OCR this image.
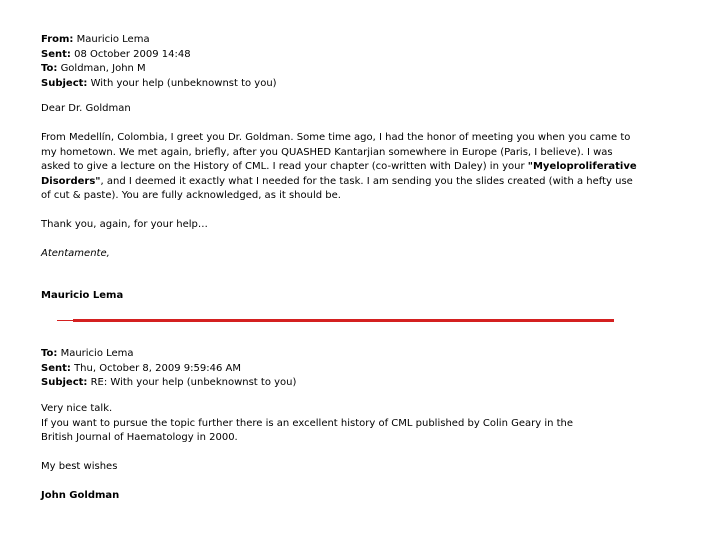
From: Mauricio Lema
Sent: 08 October 2009 14:48
To: Goldman, John M
Subject: With your help (unbeknownst to you)
Dear Dr. Goldman
From Medellín, Colombia, I greet you Dr. Goldman. Some time ago, I had the honor of meeting you when you came to my hometown. We met again, briefly, after you QUASHED Kantarjian somewhere in Europe (Paris, I believe). I was asked to give a lecture on the History of CML. I read your chapter (co-written with Daley) in your "Myeloproliferative Disorders", and I deemed it exactly what I needed for the task. I am sending you the slides created (with a hefty use of cut & paste). You are fully acknowledged, as it should be.
Thank you, again, for your help…
Atentamente,
Mauricio Lema
To: Mauricio Lema
Sent: Thu, October 8, 2009 9:59:46 AM
Subject: RE: With your help (unbeknownst to you)
Very nice talk.
If you want to pursue the topic further there is an excellent history of CML published by Colin Geary in the
British Journal of Haematology in 2000.
My best wishes
John Goldman
